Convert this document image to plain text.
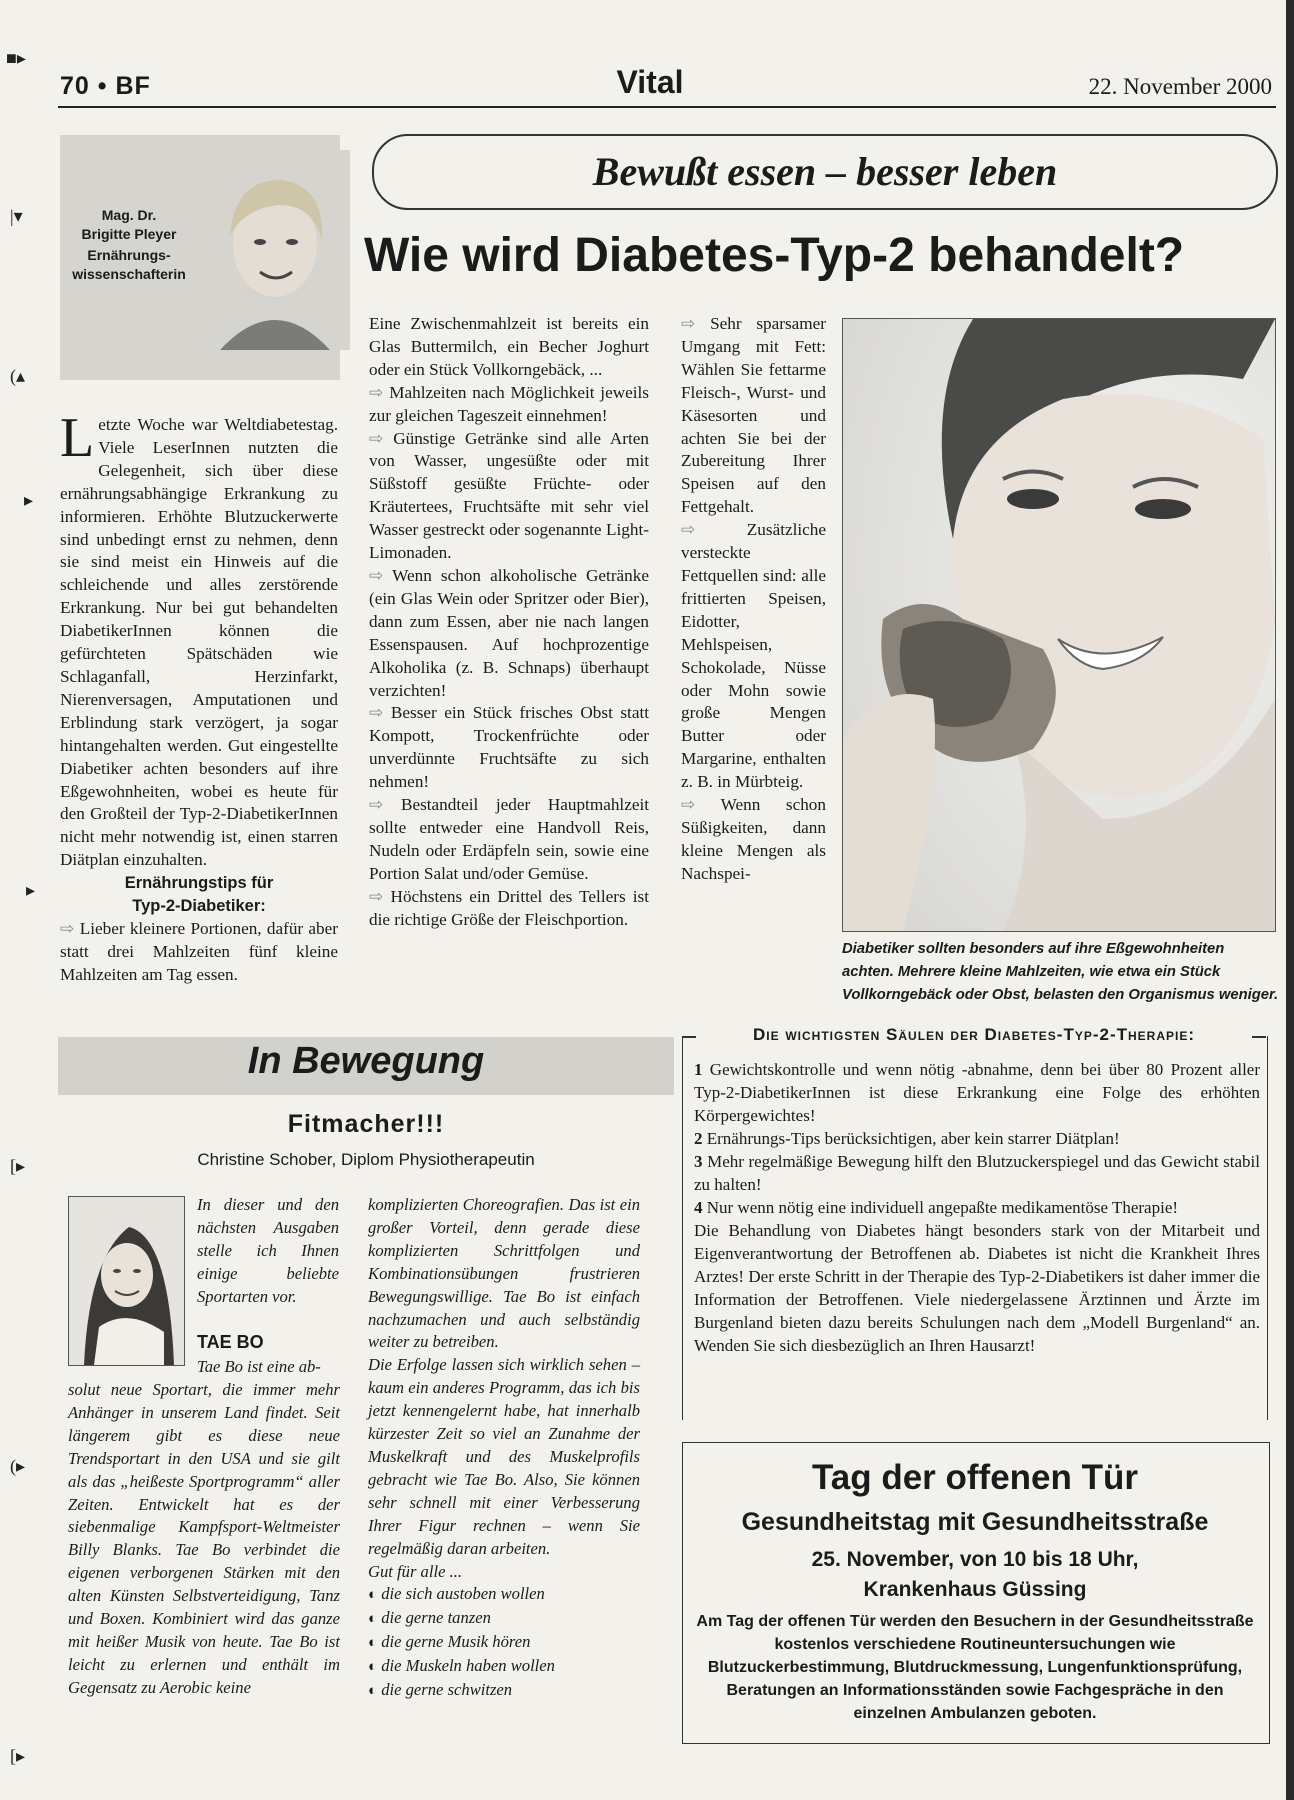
■▸
|▾
(▴
▸
▸
[▸
(▸
[▸
70 • BF	Vital	22. November 2000
Mag. Dr.
Brigitte Pleyer
Ernährungs-wissenschafterin
Bewußt essen – besser leben
Wie wird Diabetes-Typ-2 behandelt?

Letzte Woche war Weltdiabetestag. Viele LeserInnen nutzten die Gelegenheit, sich über diese ernährungsabhängige Erkrankung zu informieren. Erhöhte Blutzuckerwerte sind unbedingt ernst zu nehmen, denn sie sind meist ein Hinweis auf die schleichende und alles zerstörende Erkrankung. Nur bei gut behandelten DiabetikerInnen können die gefürchteten Spätschäden wie Schlaganfall, Herzinfarkt, Nierenversagen, Amputationen und Erblindung stark verzögert, ja sogar hintangehalten werden. Gut eingestellte Diabetiker achten besonders auf ihre Eßgewohnheiten, wobei es heute für den Großteil der Typ-2-DiabetikerInnen nicht mehr notwendig ist, einen starren Diätplan einzuhalten.

Ernährungstips für
Typ-2-Diabetiker:

⇨ Lieber kleinere Portionen, dafür aber statt drei Mahlzeiten fünf kleine Mahlzeiten am Tag essen.

Eine Zwischenmahlzeit ist bereits ein Glas Buttermilch, ein Becher Joghurt oder ein Stück Vollkorngebäck, ...

⇨ Mahlzeiten nach Möglichkeit jeweils zur gleichen Tageszeit einnehmen!

⇨ Günstige Getränke sind alle Arten von Wasser, ungesüßte oder mit Süßstoff gesüßte Früchte- oder Kräutertees, Fruchtsäfte mit sehr viel Wasser gestreckt oder sogenannte Light-Limonaden.

⇨ Wenn schon alkoholische Getränke (ein Glas Wein oder Spritzer oder Bier), dann zum Essen, aber nie nach langen Essenspausen. Auf hochprozentige Alkoholika (z. B. Schnaps) überhaupt verzichten!

⇨ Besser ein Stück frisches Obst statt Kompott, Trockenfrüchte oder unverdünnte Fruchtsäfte zu sich nehmen!

⇨ Bestandteil jeder Hauptmahlzeit sollte entweder eine Handvoll Reis, Nudeln oder Erdäpfeln sein, sowie eine Portion Salat und/oder Gemüse.

⇨ Höchstens ein Drittel des Tellers ist die richtige Größe der Fleischportion.

⇨ Sehr sparsamer Umgang mit Fett: Wählen Sie fettarme Fleisch-, Wurst- und Käsesorten und achten Sie bei der Zubereitung Ihrer Speisen auf den Fettgehalt.

⇨	Zusätzliche versteckte Fettquellen sind: alle frittierten Speisen, Eidotter, Mehlspeisen, Schokolade, Nüsse oder Mohn sowie große Mengen Butter oder Margarine, enthalten z. B. in Mürbteig.

⇨ Wenn schon Süßigkeiten, dann kleine Mengen als Nachspei-

Diabetiker sollten besonders auf ihre Eßgewohnheiten achten. Mehrere kleine Mahlzeiten, wie etwa ein Stück Vollkorngebäck oder Obst, belasten den Organismus weniger.
In Bewegung
Fitmacher!!!
Christine Schober, Diplom Physiotherapeutin
In dieser und den nächsten Ausgaben stelle ich Ihnen einige beliebte Sportarten vor.
TAE BO
Tae Bo ist eine ab-
solut neue Sportart, die immer mehr Anhänger in unserem Land findet. Seit längerem gibt es diese neue Trendsportart in den USA und sie gilt als das „heißeste Sportprogramm“ aller Zeiten. Entwickelt hat es der siebenmalige Kampfsport-Weltmeister Billy Blanks. Tae Bo verbindet die eigenen verborgenen Stärken mit den alten Künsten Selbstverteidigung, Tanz und Boxen. Kombiniert wird das ganze mit heißer Musik von heute. Tae Bo ist leicht zu erlernen und enthält im Gegensatz zu Aerobic keine

komplizierten Choreografien. Das ist ein großer Vorteil, denn gerade diese komplizierten Schrittfolgen und Kombinationsübungen frustrieren Bewegungswillige. Tae Bo ist einfach nachzumachen und auch selbständig weiter zu betreiben.

Die Erfolge lassen sich wirklich sehen – kaum ein anderes Programm, das ich bis jetzt kennengelernt habe, hat innerhalb kürzester Zeit so viel an Zunahme der Muskelkraft und des Muskelprofils gebracht wie Tae Bo. Also, Sie können sehr schnell mit einer Verbesserung Ihrer Figur rechnen – wenn Sie regelmäßig daran arbeiten.

Gut für alle ...

◐ die sich austoben wollen

◐ die gerne tanzen

◐ die gerne Musik hören

◐ die Muskeln haben wollen

◐ die gerne schwitzen

Die wichtigsten Säulen der Diabetes-Typ-2-Therapie:

1 Gewichtskontrolle und wenn nötig -abnahme, denn bei über 80 Prozent aller Typ-2-DiabetikerInnen ist diese Erkrankung eine Folge des erhöhten Körpergewichtes!

2 Ernährungs-Tips berücksichtigen, aber kein starrer Diätplan!

3 Mehr regelmäßige Bewegung hilft den Blutzuckerspiegel und das Gewicht stabil zu halten!

4 Nur wenn nötig eine individuell angepaßte medikamentöse Therapie!

Die Behandlung von Diabetes hängt besonders stark von der Mitarbeit und Eigenverantwortung der Betroffenen ab. Diabetes ist nicht die Krankheit Ihres Arztes! Der erste Schritt in der Therapie des Typ-2-Diabetikers ist daher immer die Information der Betroffenen. Viele niedergelassene Ärztinnen und Ärzte im Burgenland bieten dazu bereits Schulungen nach dem „Modell Burgenland“ an. Wenden Sie sich diesbezüglich an Ihren Hausarzt!

Tag der offenen Tür
Gesundheitstag mit Gesundheitsstraße
25. November, von 10 bis 18 Uhr,
Krankenhaus Güssing
Am Tag der offenen Tür werden den Besuchern in der Gesundheitsstraße kostenlos verschiedene Routineuntersuchungen wie Blutzuckerbestimmung, Blutdruckmessung, Lungenfunktionsprüfung, Beratungen an Informationsständen sowie Fachgespräche in den einzelnen Ambulanzen geboten.
